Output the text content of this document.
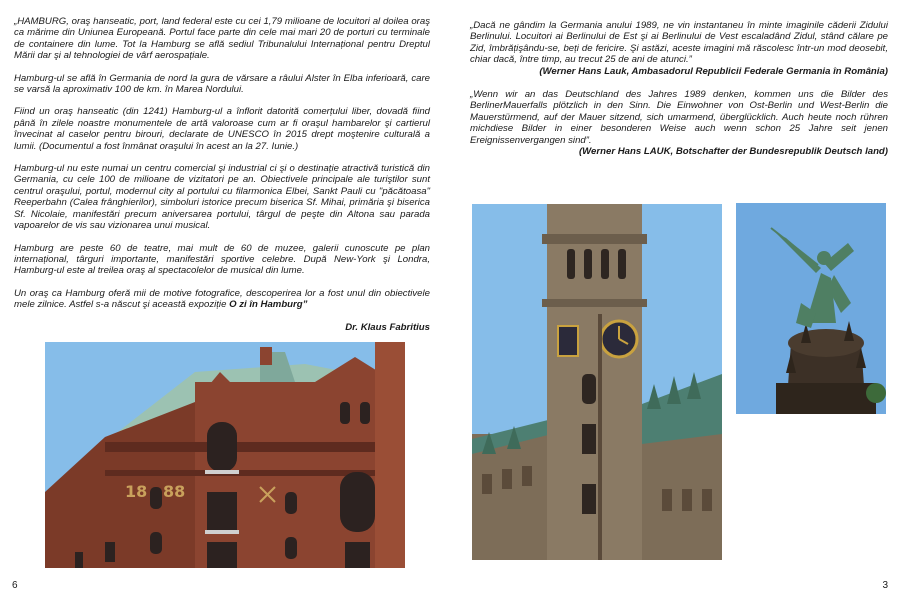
„HAMBURG, oraş hanseatic, port, land federal este cu cei 1,79 milioane de locuitori al doilea oraş ca mărime din Uniunea Europeană. Portul face parte din cele mai mari 20 de porturi cu terminale de containere din lume. Tot la Hamburg se află sediul Tribunalului Internațional pentru Dreptul Mării dar şi al tehnologiei de vârf aerospațiale.

Hamburg-ul se află în Germania de nord la gura de vărsare a râului Alster în Elba inferioară, care se varsă la aproximativ 100 de km. în Marea Nordului.

Fiind un oraş hanseatic (din 1241) Hamburg-ul a înflorit datorită comerțului liber, dovadă fiind până în zilele noastre monumentele de artă valoroase cum ar fi oraşul hambarelor şi cartierul învecinat al caselor pentru birouri, declarate de UNESCO în 2015 drept moştenire culturală a lumii. (Documentul a fost înmânat oraşului în acest an la 27. Iunie.)

Hamburg-ul nu este numai un centru comercial şi industrial ci şi o destinație atractivă turistică din Germania, cu cele 100 de milioane de vizitatori pe an. Obiectivele principale ale turiştilor sunt centrul oraşului, portul, modernul city al portului cu filarmonica Elbei, Sankt Pauli cu "păcătoasa" Reeperbahn (Calea frânghierilor), simboluri istorice precum biserica Sf. Mihai, primăria şi biserica Sf. Nicolaie, manifestări precum aniversarea portului, târgul de peşte din Altona sau parada vapoarelor de vis sau vizionarea unui musical.

Hamburg are peste 60 de teatre, mai mult de 60 de muzee, galerii cunoscute pe plan internațional, târguri importante, manifestări sportive celebre. După New-York şi Londra, Hamburg-ul este al treilea oraş al spectacolelor de musical din lume.

Un oraş ca Hamburg oferă mii de motive fotografice, descoperirea lor a fost unul din obiectivele mele zilnice. Astfel s-a născut şi această expoziție O zi în Hamburg”

Dr. Klaus Fabritius

18 88
6

„Dacă ne gândim la Germania anului 1989, ne vin instantaneu în minte imaginile căderii Zidului Berlinului. Locuitori ai Berlinului de Est şi ai Berlinului de Vest escaladând Zidul, stând călare pe Zid, îmbrățişându-se, beți de fericire. Şi astăzi, aceste imagini mă răscolesc într-un mod deosebit, chiar dacă, între timp, au trecut 25 de ani de atunci.”

(Werner Hans Lauk, Ambasadorul Republicii Federale Germania în România)

„Wenn wir an das Deutschland des Jahres 1989 denken, kommen uns die Bilder des BerlinerMauerfalls plötzlich in den Sinn. Die Einwohner von Ost-Berlin und West-Berlin die Mauerstürmend, auf der Mauer sitzend, sich umarmend, überglücklich. Auch heute noch rühren michdiese Bilder in einer besonderen Weise auch wenn schon 25 Jahre seit jenen Ereignissenvergangen sind”.

(Werner Hans LAUK, Botschafter der Bundesrepublik Deutsch land)

3
